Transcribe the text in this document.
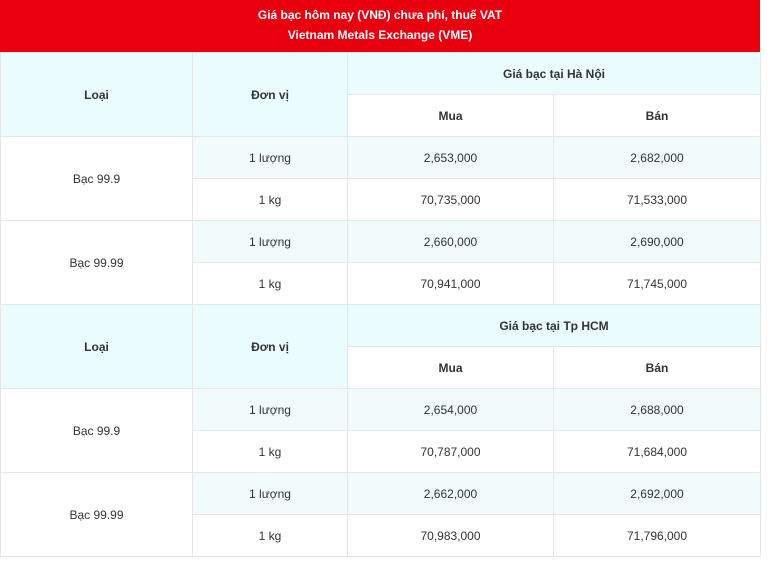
Giá bạc hôm nay (VNĐ) chưa phí, thuế VAT
Vietnam Metals Exchange (VME)
Loại	Đơn vị	Giá bạc tại Hà Nội	
		Mua	Bán
Bạc 99.9	1 lượng	2,653,000	2,682,000
	1 kg	70,735,000	71,533,000
Bạc 99.99	1 lượng	2,660,000	2,690,000
	1 kg	70,941,000	71,745,000
Loại	Đơn vị	Giá bạc tại Tp HCM	
		Mua	Bán
Bạc 99.9	1 lượng	2,654,000	2,688,000
	1 kg	70,787,000	71,684,000
Bạc 99.99	1 lượng	2,662,000	2,692,000
	1 kg	70,983,000	71,796,000
